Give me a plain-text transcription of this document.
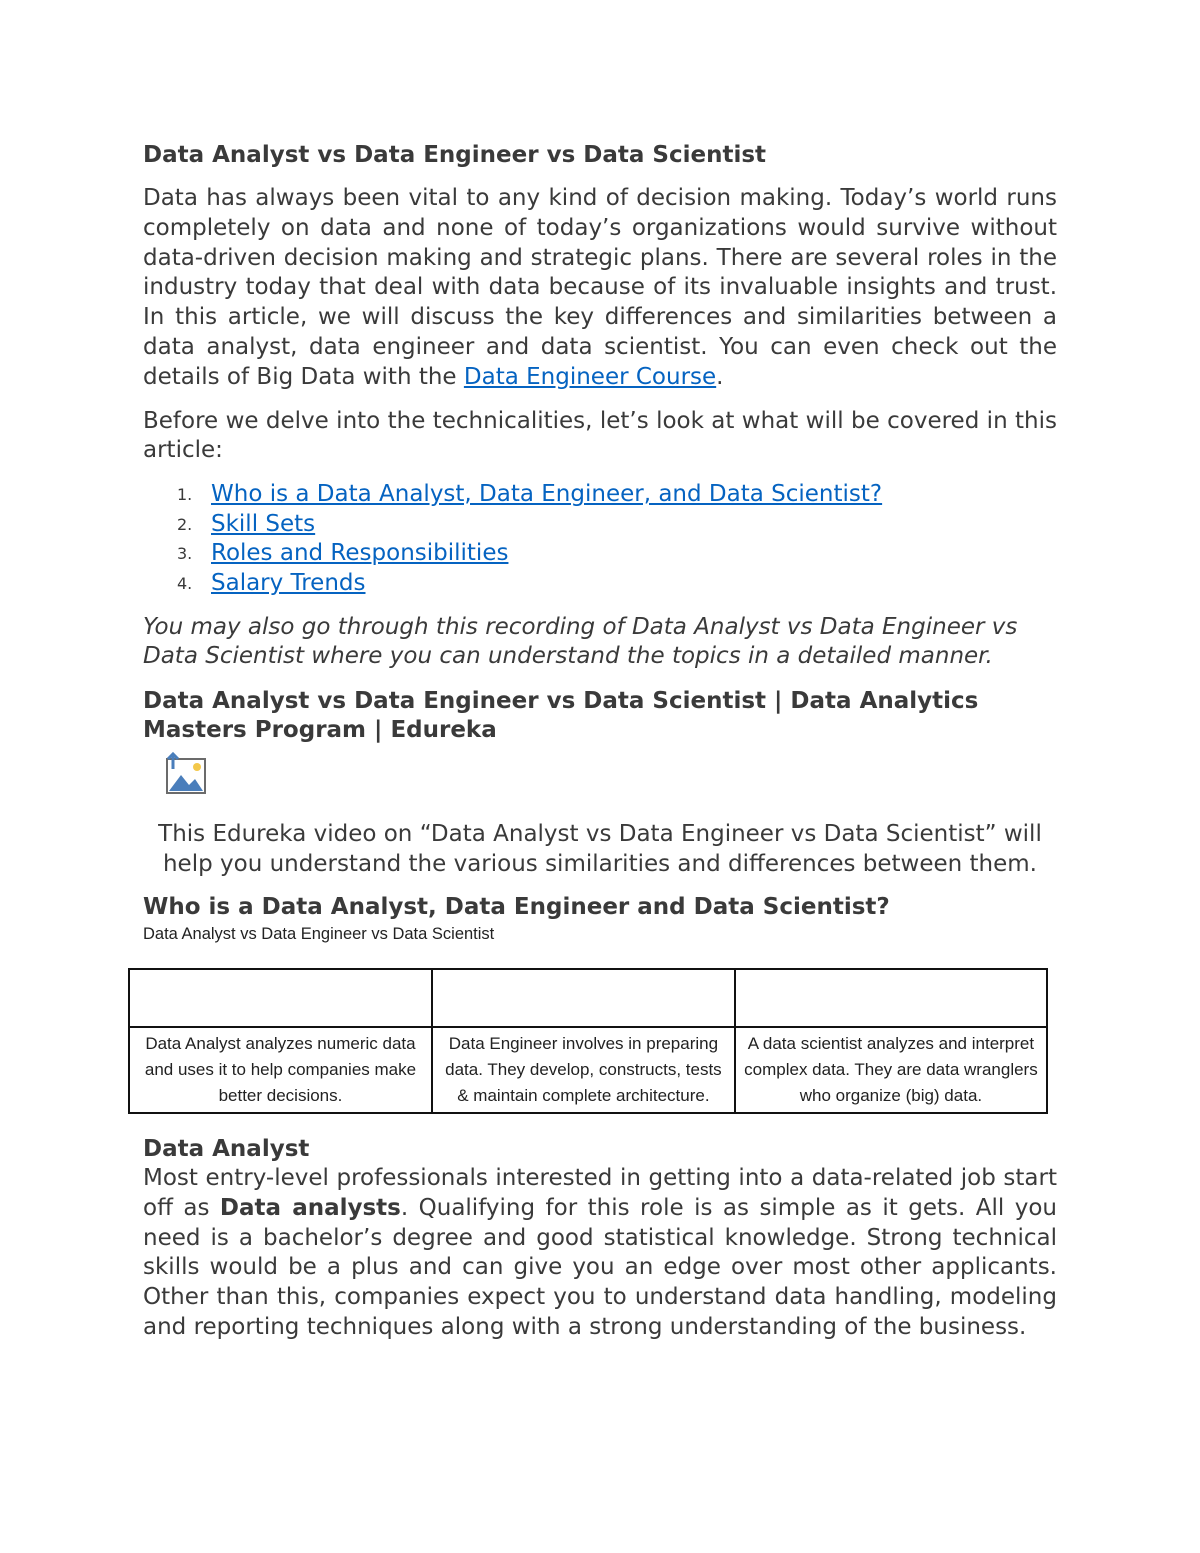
Data Analyst vs Data Engineer vs Data Scientist

Data has always been vital to any kind of decision making. Today’s world runs completely on data and none of today’s organizations would survive without data-driven decision making and strategic plans. There are several roles in the industry today that deal with data because of its invaluable insights and trust. In this article, we will discuss the key differences and similarities between a data analyst, data engineer and data scientist. You can even check out the details of Big Data with the Data Engineer Course.

Before we delve into the technicalities, let’s look at what will be covered in this article:

1. Who is a Data Analyst, Data Engineer, and Data Scientist?
2. Skill Sets
3. Roles and Responsibilities
4. Salary Trends

You may also go through this recording of Data Analyst vs Data Engineer vs Data Scientist where you can understand the topics in a detailed manner.

Data Analyst vs Data Engineer vs Data Scientist | Data Analytics Masters Program | Edureka
This Edureka video on “Data Analyst vs Data Engineer vs Data Scientist” will help you understand the various similarities and differences between them.
Who is a Data Analyst, Data Engineer and Data Scientist?
Data Analyst vs Data Engineer vs Data Scientist

Data Analyst analyzes numeric data and uses it to help companies make better decisions.	Data Engineer involves in preparing data. They develop, constructs, tests & maintain complete architecture.	A data scientist analyzes and interpret complex data. They are data wranglers who organize (big) data.
Data Analyst

Most entry-level professionals interested in getting into a data-related job start off as Data analysts. Qualifying for this role is as simple as it gets. All you need is a bachelor’s degree and good statistical knowledge. Strong technical skills would be a plus and can give you an edge over most other applicants. Other than this, companies expect you to understand data handling, modeling and reporting techniques along with a strong understanding of the business.
